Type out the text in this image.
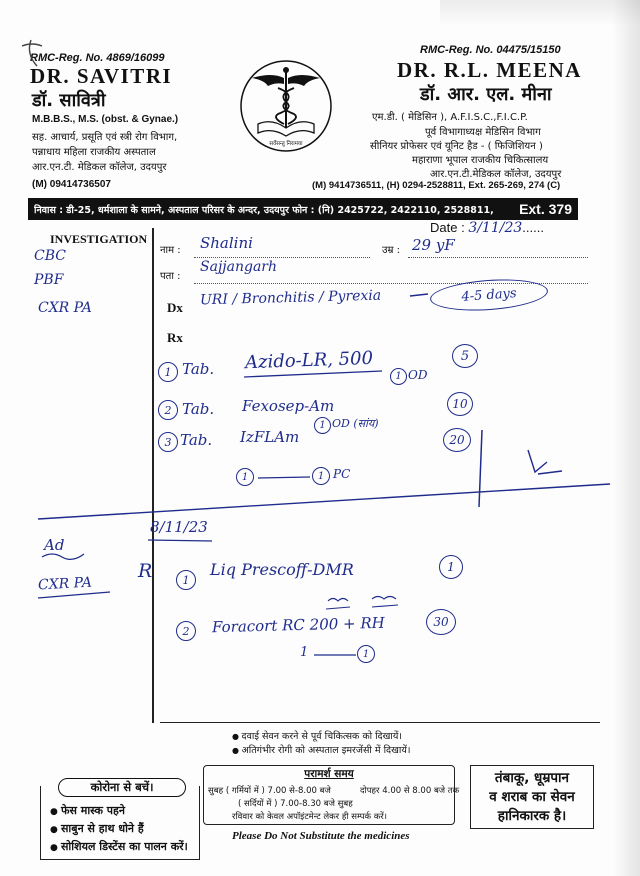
RMC-Reg. No. 4869/16099
DR. SAVITRI
डॉ. सावित्री
M.B.B.S., M.S. (obst. & Gynae.)
सह. आचार्य, प्रसूति एवं स्त्री रोग विभाग,
पन्नाधाय महिला राजकीय अस्पताल
आर.एन.टी. मेडिकल कॉलेज, उदयपुर
(M) 09414736507
सर्वेसन्तु निरामया
RMC-Reg. No. 04475/15150
DR. R.L. MEENA
डॉ. आर. एल. मीना
एम.डी. ( मेडिसिन ), A.F.I.S.C.,F.I.C.P.
पूर्व विभागाध्यक्ष मेडिसिन विभाग
सीनियर प्रोफेसर एवं यूनिट हैड - ( फिजिशियन )
महाराणा भूपाल राजकीय चिकित्सालय
आर.एन.टी.मेडिकल कॉलेज, उदयपुर
(M) 9414736511, (H) 0294-2528811, Ext. 265-269, 274 (C)
निवास : डी-25, धर्मशाला के सामने, अस्पताल परिसर के अन्दर, उदयपुर फोन : (नि) 2425722, 2422110, 2528811,	Ext. 379
Date : 3/11/23......
INVESTIGATION
CBC
PBF
CXR PA
नाम : Shalini	उम्र : 29 yF
पता :
Sajjangarh
Dx URI / Bronchitis / Pyrexia	4-5 days
Rx
1 Tab. Azido-LR, 500
1 OD
5
2 Tab. Fexosep-Am
1 OD (सांय)
10
3 Tab. IzFLAm	20
1	1 PC
Ad
8/11/23
CXR PA
R	1
Liq Prescoff-DMR	1
2	Foracort RC 200 + RH	30
1	1
● दवाई सेवन करने से पूर्व चिकित्सक को दिखायें।
● अतिगंभीर रोगी को अस्पताल इमरजेंसी में दिखायें।
कोरोना से बचें।
● फेस मास्क पहने
● साबुन से हाथ धोने हैं
● सोशियल डिस्टेंस का पालन करें।
परामर्श समय
सुबह ( गर्मियों में ) 7.00 से-8.00 बजे	दोपहर 4.00 से 8.00 बजे तक
( सर्दियों में ) 7.00-8.30 बजे सुबह
रविवार को केवल अपॉइंटमेन्ट लेकर ही सम्पर्क करें।
Please Do Not Substitute the medicines
तंबाकू, धूम्रपान
व शराब का सेवन
हानिकारक है।
